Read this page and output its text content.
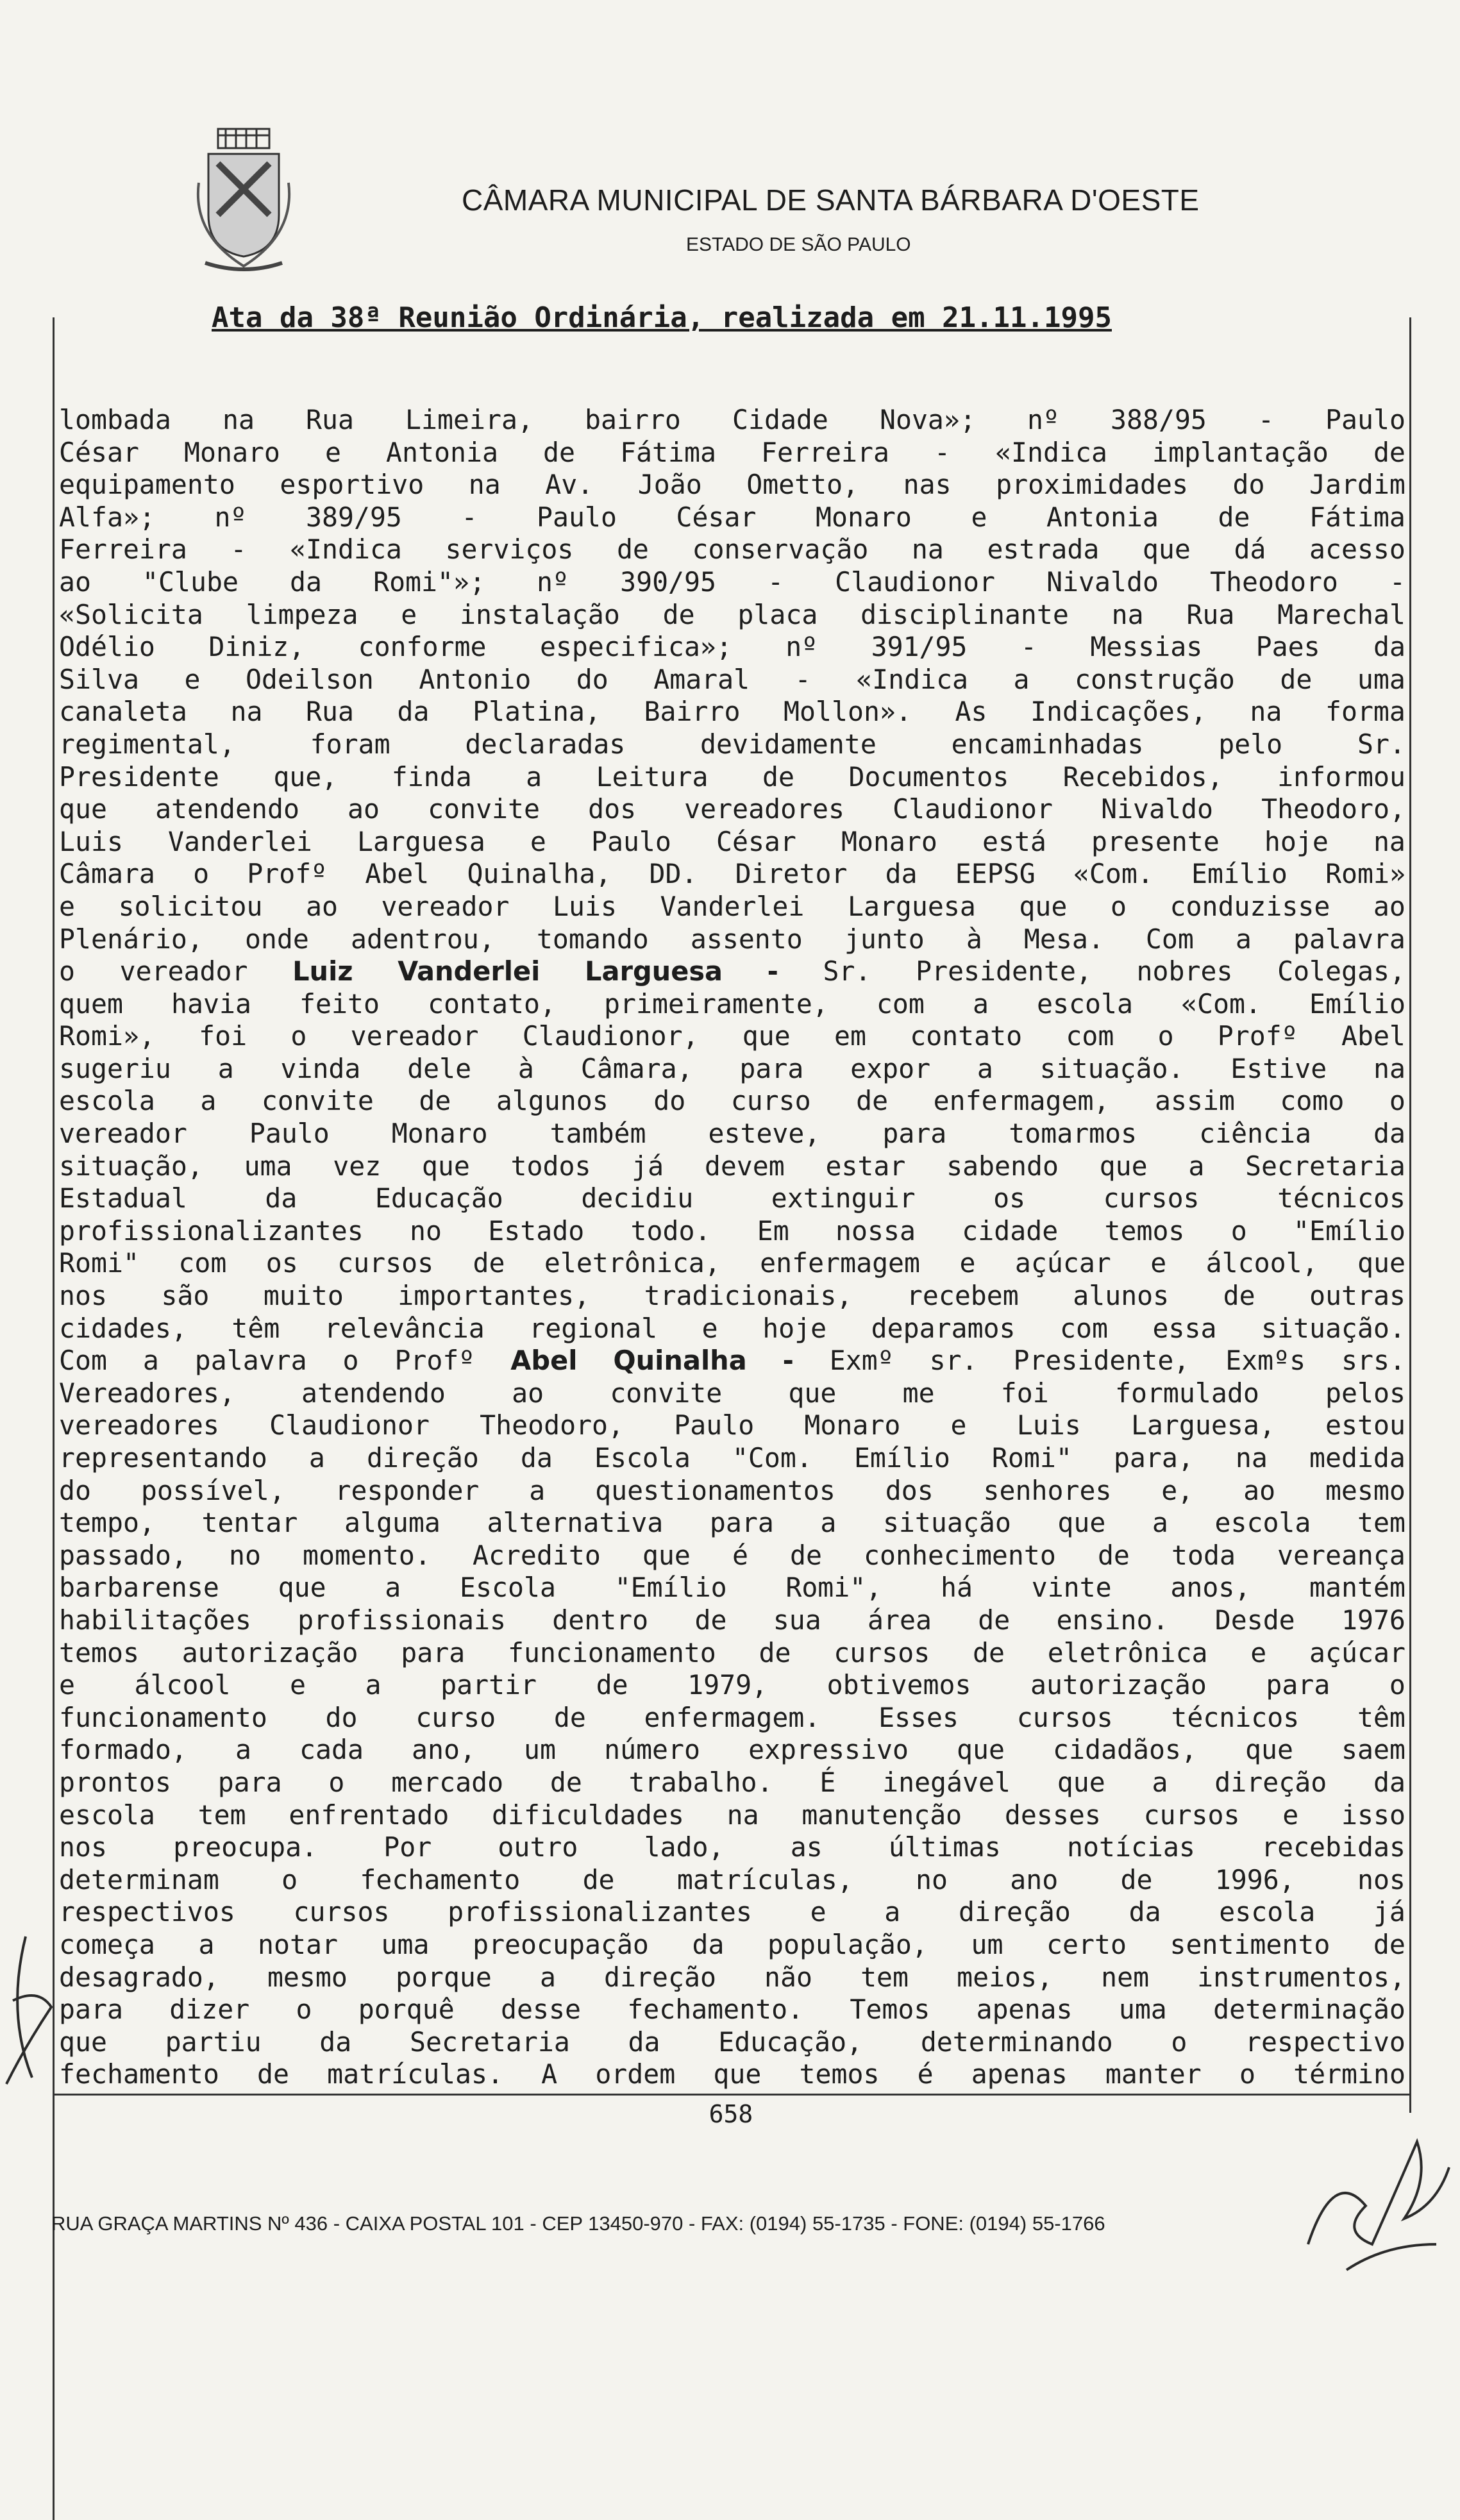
CÂMARA MUNICIPAL DE SANTA BÁRBARA D'OESTE
ESTADO DE SÃO PAULO
Ata da 38ª Reunião Ordinária, realizada em 21.11.1995
lombada na Rua Limeira, bairro Cidade Nova»; nº 388/95 - Paulo
César Monaro e Antonia de Fátima Ferreira - «Indica implantação de
equipamento esportivo na Av. João Ometto, nas proximidades do Jardim
Alfa»; nº 389/95 - Paulo César Monaro e Antonia de Fátima
Ferreira - «Indica serviços de conservação na estrada que dá acesso
ao "Clube da Romi"»; nº 390/95 - Claudionor Nivaldo Theodoro -
«Solicita limpeza e instalação de placa disciplinante na Rua Marechal
Odélio Diniz, conforme especifica»; nº 391/95 - Messias Paes da
Silva e Odeilson Antonio do Amaral - «Indica a construção de uma
canaleta na Rua da Platina, Bairro Mollon». As Indicações, na forma
regimental,	foram	declaradas	devidamente	encaminhadas	pelo	Sr.
Presidente que, finda a Leitura de Documentos Recebidos, informou
que atendendo ao convite dos vereadores Claudionor Nivaldo Theodoro,
Luis Vanderlei Larguesa e Paulo César Monaro está presente hoje na
Câmara o Profº Abel Quinalha, DD. Diretor da EEPSG «Com. Emílio Romi»
e solicitou ao vereador Luis Vanderlei Larguesa que o conduzisse ao
Plenário, onde adentrou, tomando assento junto à Mesa. Com a palavra
o vereador Luiz Vanderlei Larguesa - Sr. Presidente, nobres Colegas,
quem havia feito contato, primeiramente, com a escola «Com. Emílio
Romi», foi o vereador Claudionor, que em contato com o Profº Abel
sugeriu a vinda dele à Câmara, para expor a situação. Estive na
escola a convite de algunos do curso de enfermagem, assim como o
vereador Paulo Monaro também esteve, para tomarmos ciência da
situação, uma vez que todos já devem estar sabendo que a Secretaria
Estadual	da	Educação	decidiu	extinguir	os	cursos	técnicos
profissionalizantes no Estado todo. Em nossa cidade temos o "Emílio
Romi" com os cursos de eletrônica, enfermagem e açúcar e álcool, que
nos são muito importantes, tradicionais, recebem alunos de outras
cidades, têm relevância regional e hoje deparamos com essa situação.
Com a palavra o Profº Abel Quinalha - Exmº sr. Presidente, Exmºs srs.
Vereadores, atendendo ao convite que me foi formulado pelos
vereadores Claudionor Theodoro, Paulo Monaro e Luis Larguesa, estou
representando a direção da Escola "Com. Emílio Romi" para, na medida
do possível, responder a questionamentos dos senhores e, ao mesmo
tempo, tentar alguma alternativa para a situação que a escola tem
passado, no momento. Acredito que é de conhecimento de toda vereança
barbarense que a Escola "Emílio Romi", há vinte anos, mantém
habilitações profissionais dentro de sua área de ensino. Desde 1976
temos autorização para funcionamento de cursos de eletrônica e açúcar
e álcool e a partir de 1979, obtivemos autorização para o
funcionamento do curso de enfermagem. Esses cursos técnicos têm
formado, a cada ano, um número expressivo que cidadãos, que saem
prontos para o mercado de trabalho. É inegável que a direção da
escola tem enfrentado dificuldades na manutenção desses cursos e isso
nos preocupa. Por outro lado, as últimas notícias recebidas
determinam o fechamento de matrículas, no ano de 1996, nos
respectivos cursos profissionalizantes e a direção da escola já
começa a notar uma preocupação da população, um certo sentimento de
desagrado, mesmo porque a direção não tem meios, nem instrumentos,
para dizer o porquê desse fechamento. Temos apenas uma determinação
que partiu da Secretaria da Educação, determinando o respectivo
fechamento de matrículas. A ordem que temos é apenas manter o término
658
RUA GRAÇA MARTINS Nº 436 - CAIXA POSTAL 101 - CEP 13450-970 - FAX: (0194) 55-1735 - FONE: (0194) 55-1766
